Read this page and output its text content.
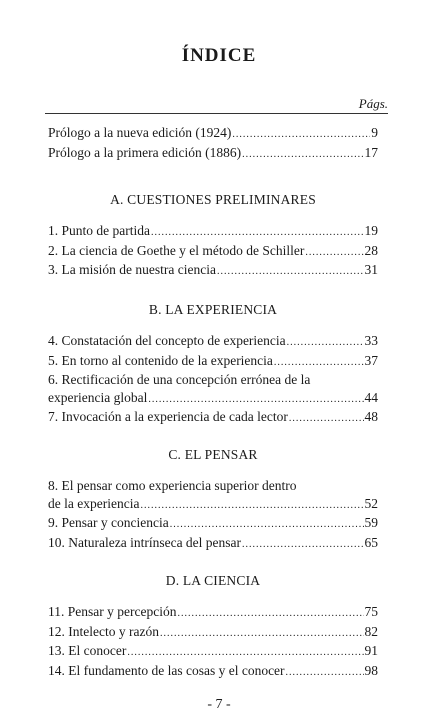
ÍNDICE
Págs.
Prólogo a la nueva edición (1924) .....	9
Prólogo a la primera edición (1886) .....	17
A. CUESTIONES PRELIMINARES
1. Punto de partida .....	19
2. La ciencia de Goethe y el método de Schiller .....	28
3. La misión de nuestra ciencia .....	31
B. LA EXPERIENCIA
4. Constatación del concepto de experiencia .....	33
5. En torno al contenido de la experiencia .....	37
6. Rectificación de una concepción errónea de la
experiencia global .....	44
7. Invocación a la experiencia de cada lector .....	48
C. EL PENSAR
8. El pensar como experiencia superior dentro
de la experiencia .....	52
9. Pensar y conciencia .....	59
10. Naturaleza intrínseca del pensar .....	65
D. LA CIENCIA
11. Pensar y percepción .....	75
12. Intelecto y razón .....	82
13. El conocer .....	91
14. El fundamento de las cosas y el conocer .....	98
- 7 -
